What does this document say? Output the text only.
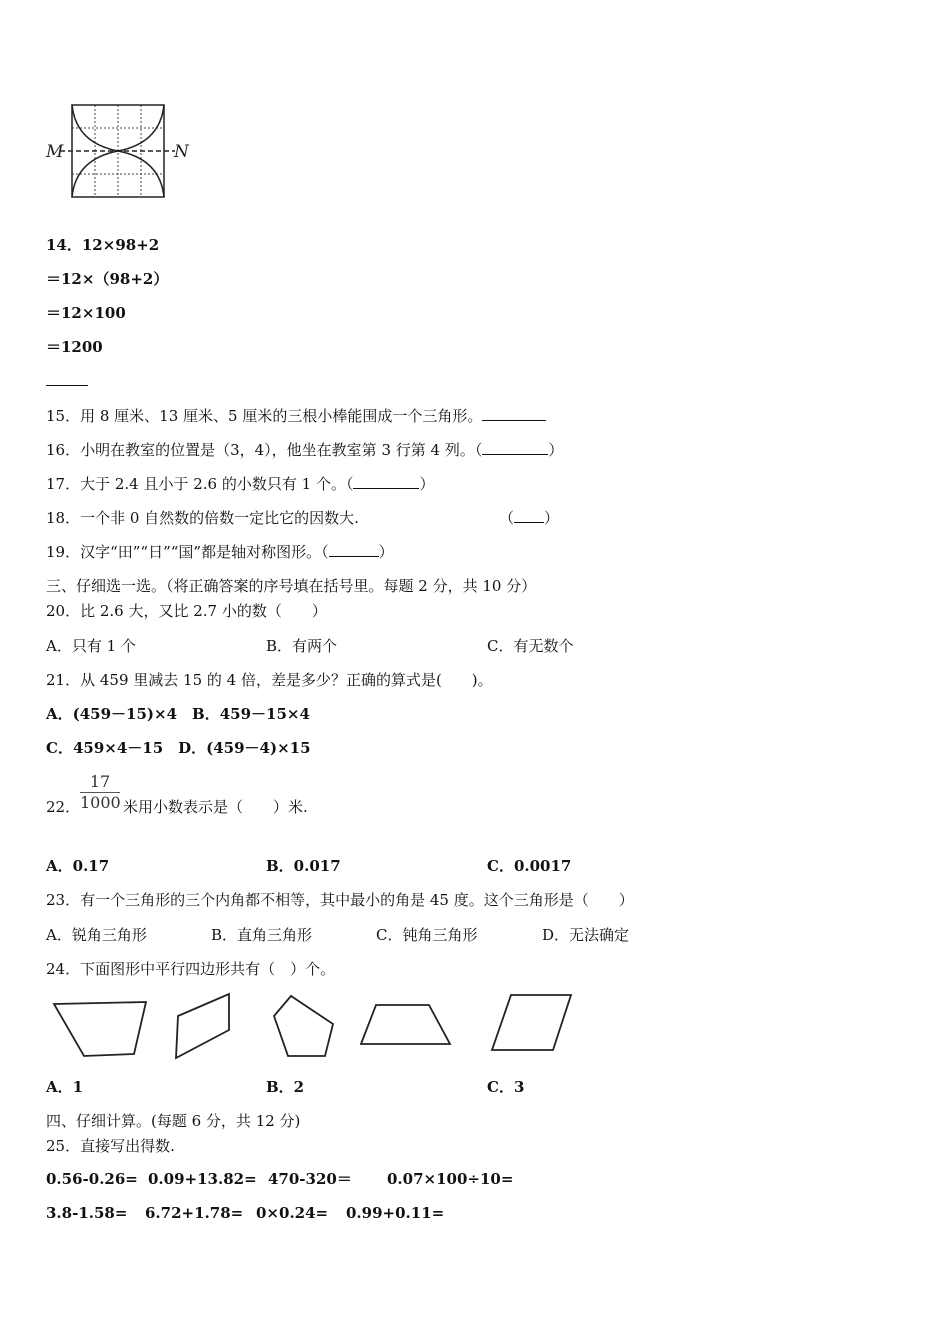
M	N
14．12×98+2
＝12×（98+2）
＝12×100
＝1200
15．用 8 厘米、13 厘米、5 厘米的三根小棒能围成一个三角形。
16．小明在教室的位置是（3，4），他坐在教室第 3 行第 4 列。（	）
17．大于 2.4 且小于 2.6 的小数只有 1 个。（	）
18．一个非 0 自然数的倍数一定比它的因数大.	（ ）
19．汉字“田”“日”“国”都是轴对称图形。（	）
三、仔细选一选。（将正确答案的序号填在括号里。每题 2 分，共 10 分）
20．比 2.6 大，又比 2.7 小的数（　　）
A．只有 1 个	B．有两个	C．有无数个
21．从 459 里减去 15 的 4 倍，差是多少？正确的算式是(　　)。
A．(459－15)×4　B．459－15×4
C．459×4－15　D．(459－4)×15
$\frac{17}{1000}$
22．	米用小数表示是（　　）米.
A．0.17	B．0.017	C．0.0017
23．有一个三角形的三个内角都不相等，其中最小的角是 45 度。这个三角形是（　　）
A．锐角三角形	B．直角三角形	C．钝角三角形	D．无法确定
24．下面图形中平行四边形共有（　）个。
A．1	B．2	C．3
四、仔细计算。(每题 6 分，共 12 分)
25．直接写出得数.
0.56-0.26= 0.09+13.82= 470-320＝ 0.07×100÷10=
3.8-1.58= 6.72+1.78= 0×0.24= 0.99+0.11=
